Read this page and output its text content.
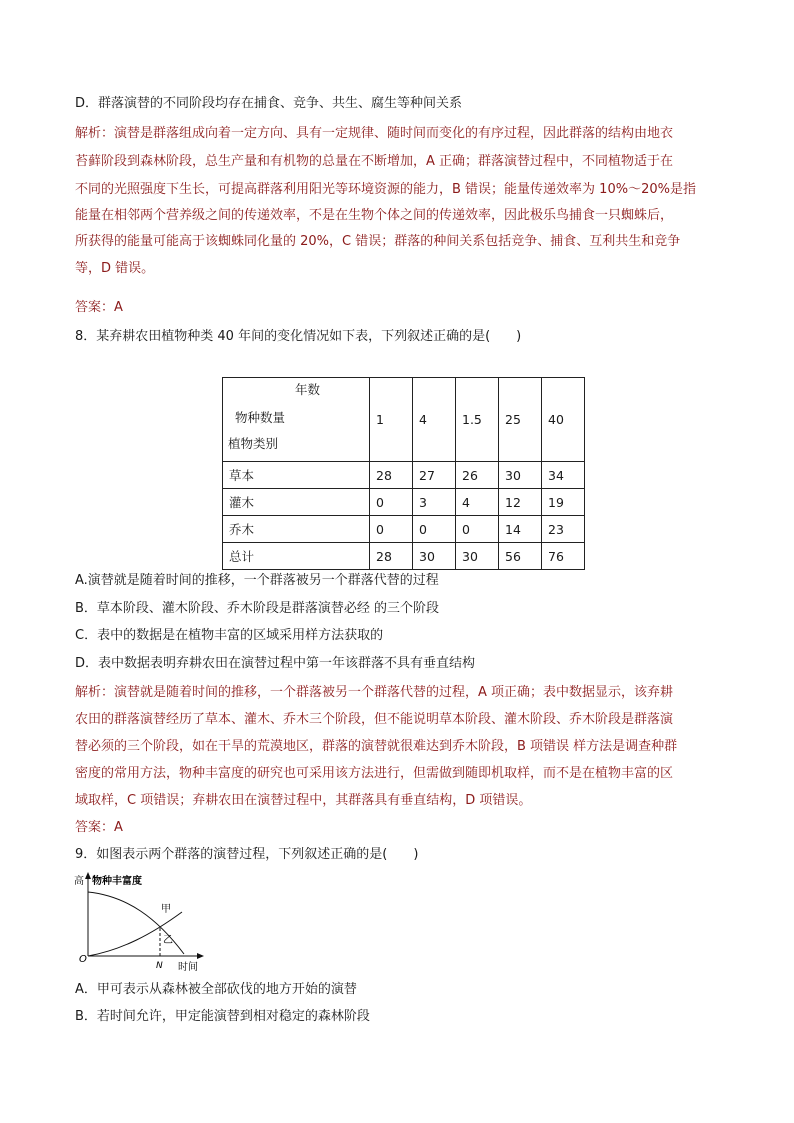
D．群落演替的不同阶段均存在捕食、竞争、共生、腐生等种间关系
解析：演替是群落组成向着一定方向、具有一定规律、随时间而变化的有序过程，因此群落的结构由地衣
苔藓阶段到森林阶段，总生产量和有机物的总量在不断增加，A 正确；群落演替过程中，不同植物适于在
不同的光照强度下生长，可提高群落利用阳光等环境资源的能力，B 错误；能量传递效率为 10%～20%是指
能量在相邻两个营养级之间的传递效率，不是在生物个体之间的传递效率，因此极乐鸟捕食一只蜘蛛后，
所获得的能量可能高于该蜘蛛同化量的 20%，C 错误；群落的种间关系包括竞争、捕食、互利共生和竞争
等，D 错误。
答案：A
8．某弃耕农田植物种类 40 年间的变化情况如下表，下列叙述正确的是(　　)
年数
物种数量
植物类别	1	4	1.5	25	40
草本	28	27	26	30	34
灌木	0	3	4	12	19
乔木	0	0	0	14	23
总计	28	30	30	56	76
A.演替就是随着时间的推移，一个群落被另一个群落代替的过程
B．草本阶段、灌木阶段、乔木阶段是群落演替必经 的三个阶段
C．表中的数据是在植物丰富的区域采用样方法获取的
D．表中数据表明弃耕农田在演替过程中第一年该群落不具有垂直结构
解析：演替就是随着时间的推移，一个群落被另一个群落代替的过程，A 项正确；表中数据显示，该弃耕
农田的群落演替经历了草本、灌木、乔木三个阶段，但不能说明草本阶段、灌木阶段、乔木阶段是群落演
替必须的三个阶段，如在干旱的荒漠地区，群落的演替就很难达到乔木阶段，B 项错误 样方法是调查种群
密度的常用方法，物种丰富度的研究也可采用该方法进行，但需做到随即机取样，而不是在植物丰富的区
域取样，C 项错误；弃耕农田在演替过程中，其群落具有垂直结构，D 项错误。
答案：A
9．如图表示两个群落的演替过程，下列叙述正确的是(　　)
高 物种丰富度
O
N 时间
甲
乙
A．甲可表示从森林被全部砍伐的地方开始的演替
B．若时间允许，甲定能演替到相对稳定的森林阶段
